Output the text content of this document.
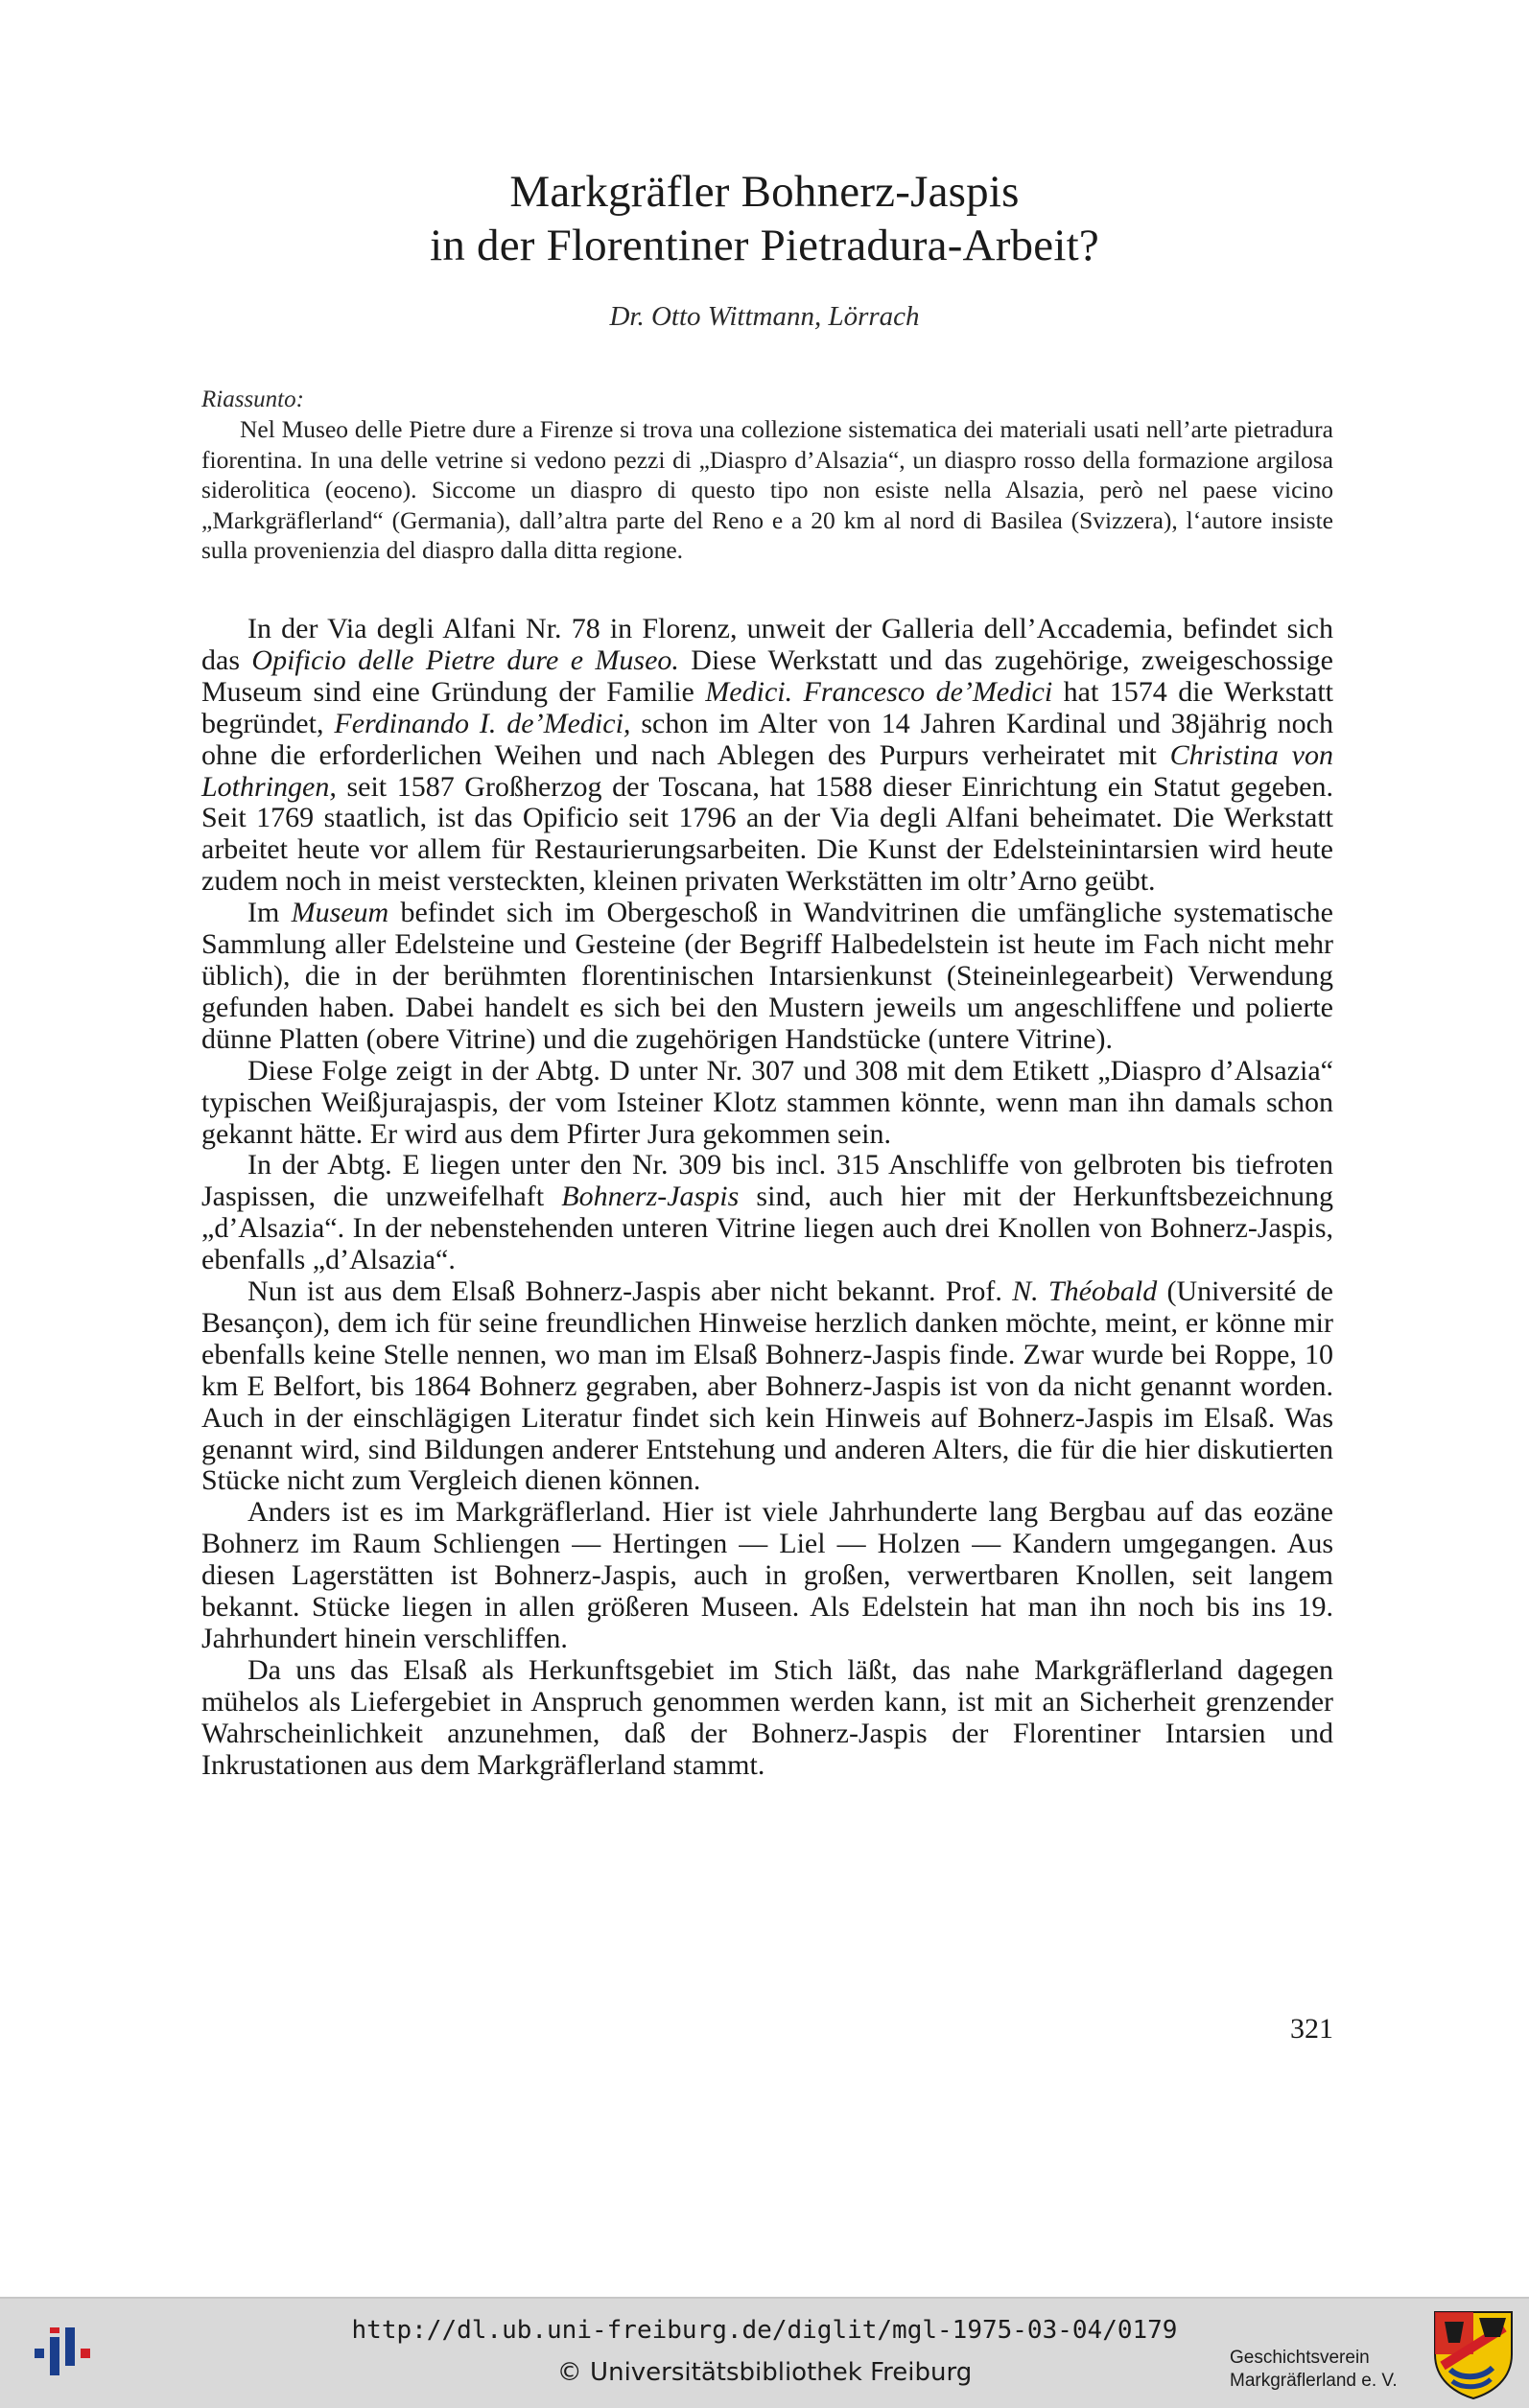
Markgräfler Bohnerz-Jaspis
in der Florentiner Pietradura-Arbeit?
Dr. Otto Wittmann, Lörrach
Riassunto:

Nel Museo delle Pietre dure a Firenze si trova una collezione sistematica dei materiali usati nell’arte pietradura fiorentina. In una delle vetrine si vedono pezzi di „Diaspro d’Alsazia“, un diaspro rosso della formazione argilosa siderolitica (eoceno). Siccome un diaspro di questo tipo non esiste nella Alsazia, però nel paese vicino „Markgräflerland“ (Germania), dall’altra parte del Reno e a 20 km al nord di Basilea (Svizzera), l‘autore insiste sulla provenienzia del diaspro dalla ditta regione.

In der Via degli Alfani Nr. 78 in Florenz, unweit der Galleria dell’Accademia, befindet sich das Opificio delle Pietre dure e Museo. Diese Werkstatt und das zugehörige, zweigeschossige Museum sind eine Gründung der Familie Medici. Francesco de’Medici hat 1574 die Werkstatt begründet, Ferdinando I. de’Medici, schon im Alter von 14 Jahren Kardinal und 38jährig noch ohne die erforderlichen Weihen und nach Ablegen des Purpurs verheiratet mit Christina von Lothringen, seit 1587 Großherzog der Toscana, hat 1588 dieser Einrichtung ein Statut gegeben. Seit 1769 staatlich, ist das Opificio seit 1796 an der Via degli Alfani beheimatet. Die Werkstatt arbeitet heute vor allem für Restaurierungsarbeiten. Die Kunst der Edelsteinintarsien wird heute zudem noch in meist versteckten, kleinen privaten Werkstätten im oltr’Arno geübt.

Im Museum befindet sich im Obergeschoß in Wandvitrinen die umfängliche systematische Sammlung aller Edelsteine und Gesteine (der Begriff Halbedelstein ist heute im Fach nicht mehr üblich), die in der berühmten florentinischen Intarsienkunst (Steineinlegearbeit) Verwendung gefunden haben. Dabei handelt es sich bei den Mustern jeweils um angeschliffene und polierte dünne Platten (obere Vitrine) und die zugehörigen Handstücke (untere Vitrine).

Diese Folge zeigt in der Abtg. D unter Nr. 307 und 308 mit dem Etikett „Diaspro d’Alsazia“ typischen Weißjurajaspis, der vom Isteiner Klotz stammen könnte, wenn man ihn damals schon gekannt hätte. Er wird aus dem Pfirter Jura gekommen sein.

In der Abtg. E liegen unter den Nr. 309 bis incl. 315 Anschliffe von gelbroten bis tiefroten Jaspissen, die unzweifelhaft Bohnerz-Jaspis sind, auch hier mit der Herkunftsbezeichnung „d’Alsazia“. In der nebenstehenden unteren Vitrine liegen auch drei Knollen von Bohnerz-Jaspis, ebenfalls „d’Alsazia“.

Nun ist aus dem Elsaß Bohnerz-Jaspis aber nicht bekannt. Prof. N. Théobald (Université de Besançon), dem ich für seine freundlichen Hinweise herzlich danken möchte, meint, er könne mir ebenfalls keine Stelle nennen, wo man im Elsaß Bohnerz-Jaspis finde. Zwar wurde bei Roppe, 10 km E Belfort, bis 1864 Bohnerz gegraben, aber Bohnerz-Jaspis ist von da nicht genannt worden. Auch in der einschlägigen Literatur findet sich kein Hinweis auf Bohnerz-Jaspis im Elsaß. Was genannt wird, sind Bildungen anderer Entstehung und anderen Alters, die für die hier diskutierten Stücke nicht zum Vergleich dienen können.

Anders ist es im Markgräflerland. Hier ist viele Jahrhunderte lang Bergbau auf das eozäne Bohnerz im Raum Schliengen — Hertingen — Liel — Holzen — Kandern umgegangen. Aus diesen Lagerstätten ist Bohnerz-Jaspis, auch in großen, verwertbaren Knollen, seit langem bekannt. Stücke liegen in allen größeren Museen. Als Edelstein hat man ihn noch bis ins 19. Jahrhundert hinein verschliffen.

Da uns das Elsaß als Herkunftsgebiet im Stich läßt, das nahe Markgräflerland dagegen mühelos als Liefergebiet in Anspruch genommen werden kann, ist mit an Sicherheit grenzender Wahrscheinlichkeit anzunehmen, daß der Bohnerz-Jaspis der Florentiner Intarsien und Inkrustationen aus dem Markgräflerland stammt.

321
http://dl.ub.uni-freiburg.de/diglit/mgl-1975-03-04/0179
© Universitätsbibliothek Freiburg
Geschichtsverein
Markgräflerland e. V.
